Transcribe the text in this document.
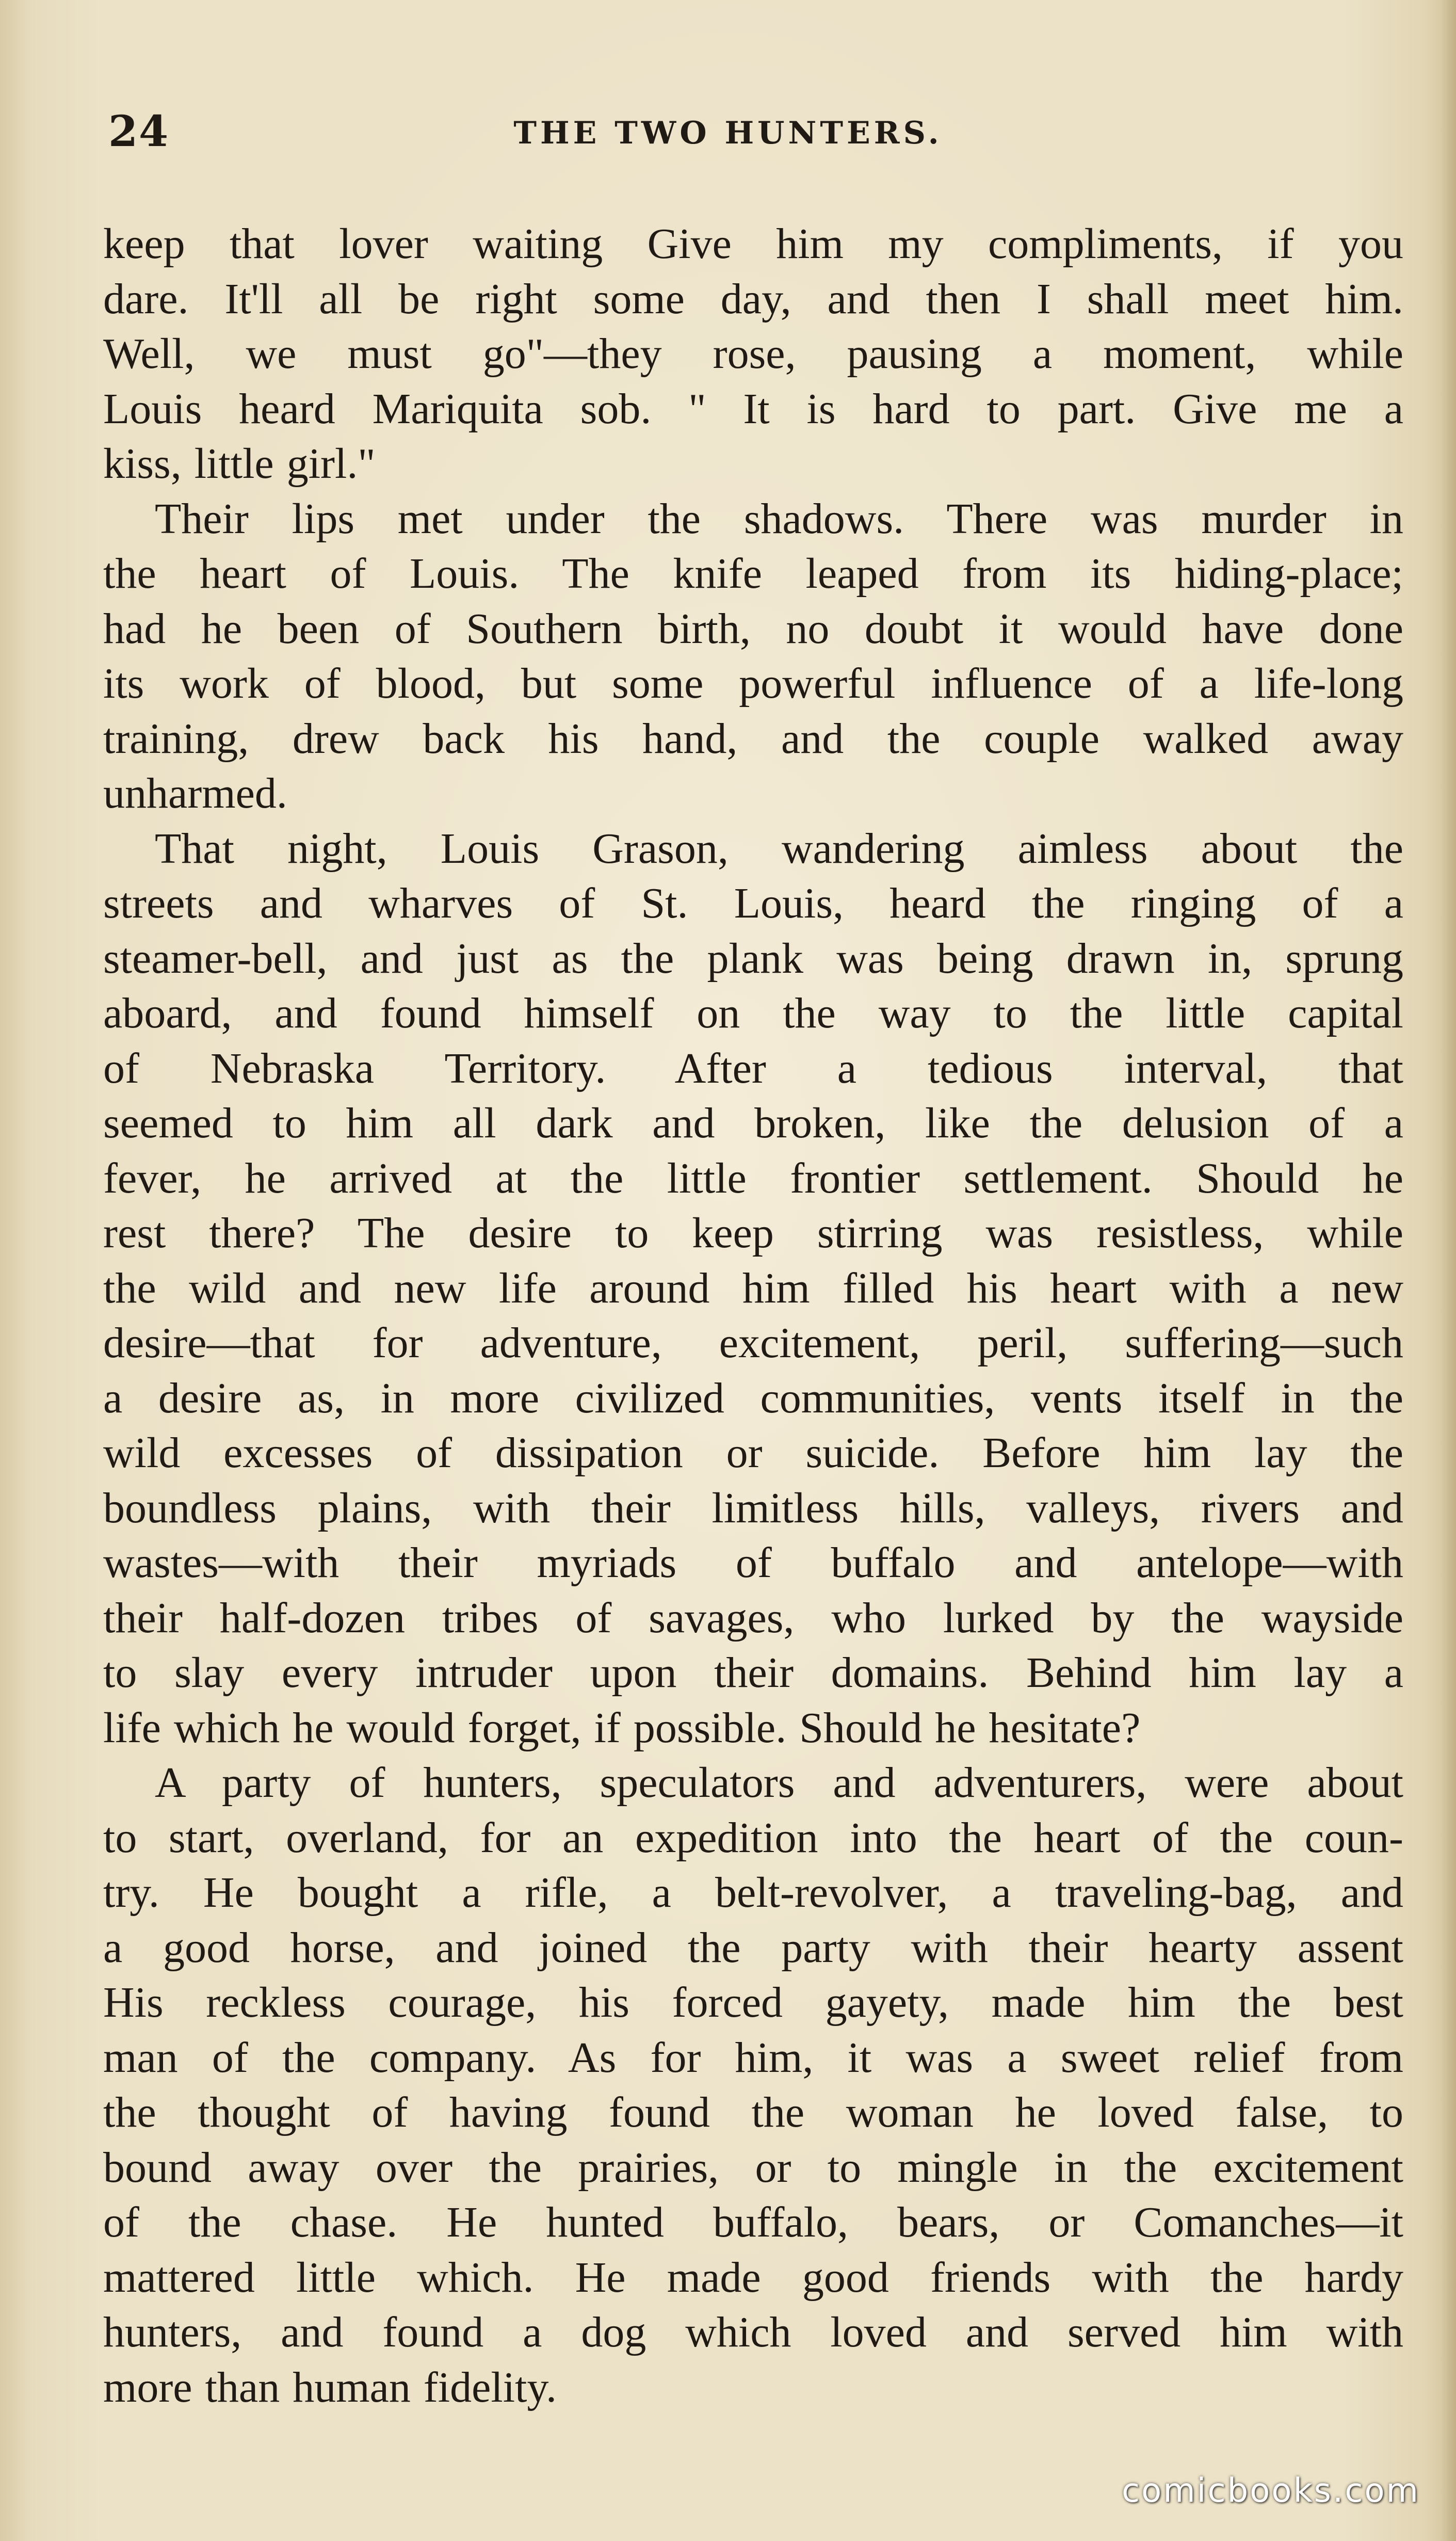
24	THE TWO HUNTERS.

keep that lover waiting Give him my compliments, if you
dare. It'll all be right some day, and then I shall meet him.
Well, we must go"—they rose, pausing a moment, while
Louis heard Mariquita sob. " It is hard to part. Give me a
kiss, little girl."

Their lips met under the shadows. There was murder in
the heart of Louis. The knife leaped from its hiding-place;
had he been of Southern birth, no doubt it would have done
its work of blood, but some powerful influence of a life-long
training, drew back his hand, and the couple walked away
unharmed.

That night, Louis Grason, wandering aimless about the
streets and wharves of St. Louis, heard the ringing of a
steamer-bell, and just as the plank was being drawn in, sprung
aboard, and found himself on the way to the little capital
of Nebraska Territory. After a tedious interval, that
seemed to him all dark and broken, like the delusion of a
fever, he arrived at the little frontier settlement. Should he
rest there? The desire to keep stirring was resistless, while
the wild and new life around him filled his heart with a new
desire—that for adventure, excitement, peril, suffering—such
a desire as, in more civilized communities, vents itself in the
wild excesses of dissipation or suicide. Before him lay the
boundless plains, with their limitless hills, valleys, rivers and
wastes—with their myriads of buffalo and antelope—with
their half-dozen tribes of savages, who lurked by the wayside
to slay every intruder upon their domains. Behind him lay a
life which he would forget, if possible. Should he hesitate?

A party of hunters, speculators and adventurers, were about
to start, overland, for an expedition into the heart of the coun-
try. He bought a rifle, a belt-revolver, a traveling-bag, and
a good horse, and joined the party with their hearty assent
His reckless courage, his forced gayety, made him the best
man of the company. As for him, it was a sweet relief from
the thought of having found the woman he loved false, to
bound away over the prairies, or to mingle in the excitement
of the chase. He hunted buffalo, bears, or Comanches—it
mattered little which. He made good friends with the hardy
hunters, and found a dog which loved and served him with
more than human fidelity.

comicbooks.com
